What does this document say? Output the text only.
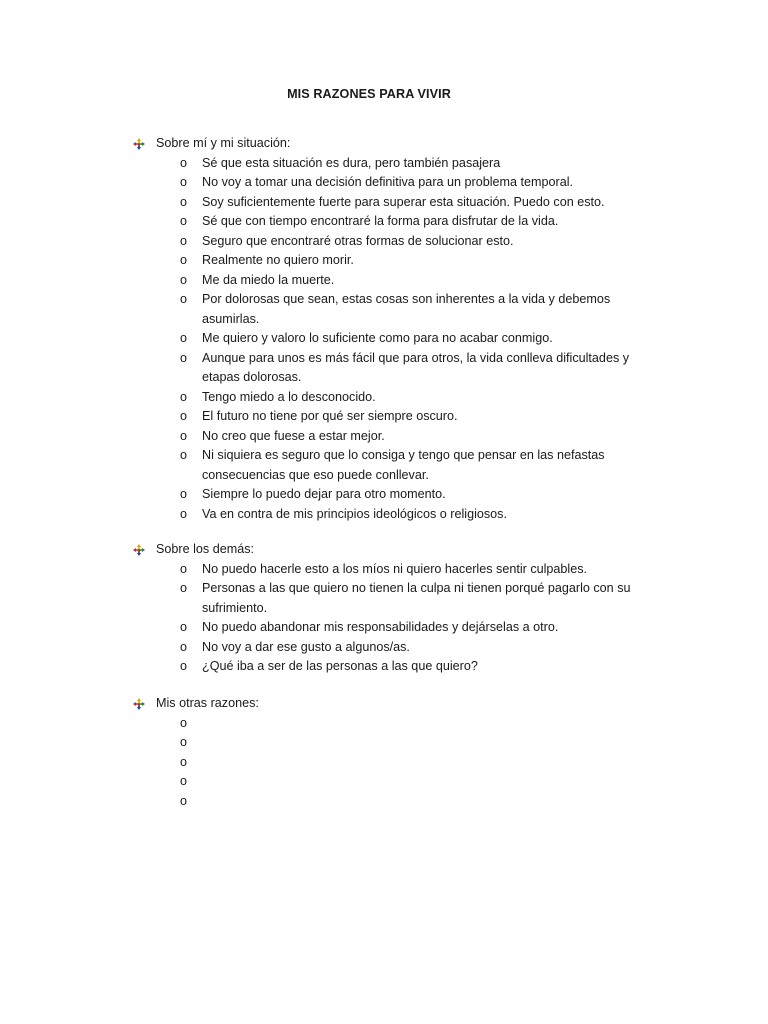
MIS RAZONES PARA VIVIR
Sobre mí y mi situación:
o Sé que esta situación es dura, pero también pasajera
o No voy a tomar una decisión definitiva para un problema temporal.
o Soy suficientemente fuerte para superar esta situación. Puedo con esto.
o Sé que con tiempo encontraré la forma para disfrutar de la vida.
o Seguro que encontraré otras formas de solucionar esto.
o Realmente no quiero morir.
o Me da miedo la muerte.
o Por dolorosas que sean, estas cosas son inherentes a la vida y debemos asumirlas.
o Me quiero y valoro lo suficiente como para no acabar conmigo.
o Aunque para unos es más fácil que para otros, la vida conlleva dificultades y etapas dolorosas.
o Tengo miedo a lo desconocido.
o El futuro no tiene por qué ser siempre oscuro.
o No creo que fuese a estar mejor.
o Ni siquiera es seguro que lo consiga y tengo que pensar en las nefastas consecuencias que eso puede conllevar.
o Siempre lo puedo dejar para otro momento.
o Va en contra de mis principios ideológicos o religiosos.
Sobre los demás:
o No puedo hacerle esto a los míos ni quiero hacerles sentir culpables.
o Personas a las que quiero no tienen la culpa ni tienen porqué pagarlo con su sufrimiento.
o No puedo abandonar mis responsabilidades y dejárselas a otro.
o No voy a dar ese gusto a algunos/as.
o ¿Qué iba a ser de las personas a las que quiero?
Mis otras razones:
o
o
o
o
o
